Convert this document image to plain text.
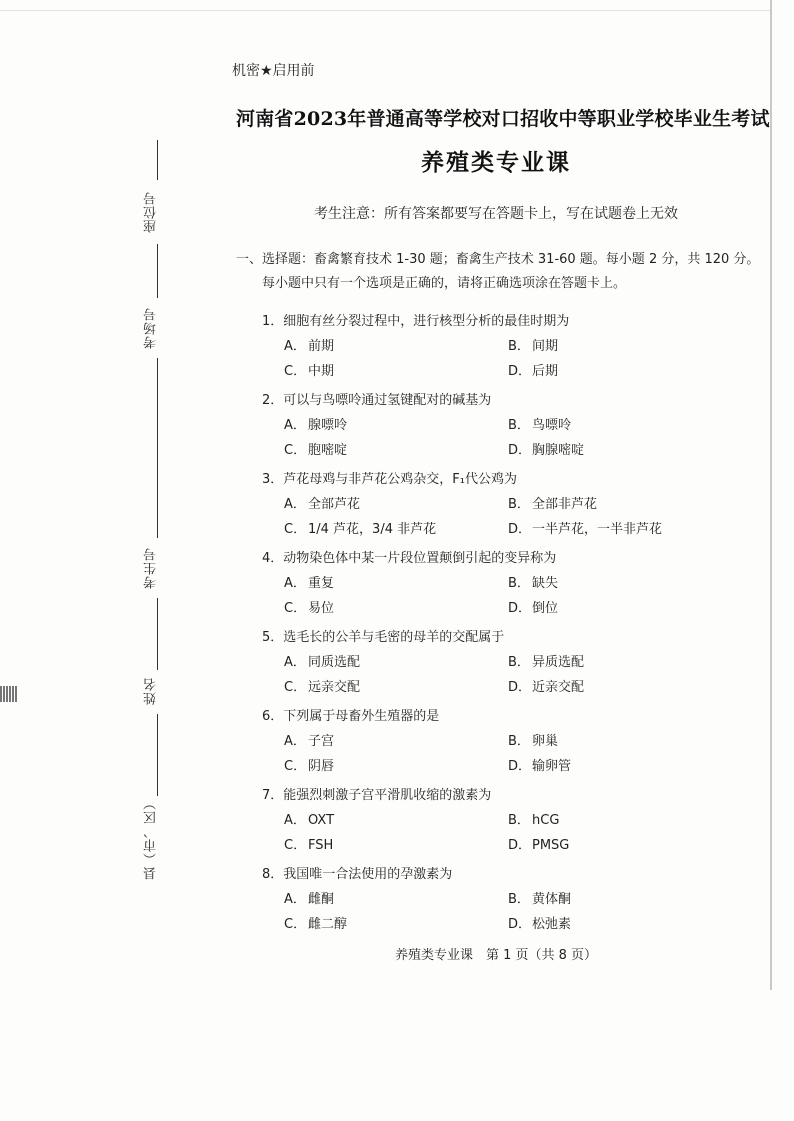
座位号
考场号
考生号
姓名
县（市、区）
机密★启用前
河南省2023年普通高等学校对口招收中等职业学校毕业生考试
养殖类专业课
考生注意：所有答案都要写在答题卡上，写在试题卷上无效
一、选择题：畜禽繁育技术 1-30 题；畜禽生产技术 31-60 题。每小题 2 分，共 120 分。
每小题中只有一个选项是正确的，请将正确选项涂在答题卡上。
1．细胞有丝分裂过程中，进行核型分析的最佳时期为
A． 前期	B． 间期
C． 中期	D．后期
2．可以与鸟嘌呤通过氢键配对的碱基为
A． 腺嘌呤	B． 鸟嘌呤
C． 胞嘧啶	D．胸腺嘧啶
3．芦花母鸡与非芦花公鸡杂交，F₁代公鸡为
A． 全部芦花	B． 全部非芦花
C． 1/4 芦花，3/4 非芦花	D．一半芦花，一半非芦花
4．动物染色体中某一片段位置颠倒引起的变异称为
A． 重复	B． 缺失
C． 易位	D．倒位
5．选毛长的公羊与毛密的母羊的交配属于
A． 同质选配	B． 异质选配
C． 远亲交配	D．近亲交配
6．下列属于母畜外生殖器的是
A． 子宫	B． 卵巢
C． 阴唇	D．输卵管
7．能强烈刺激子宫平滑肌收缩的激素为
A． OXT	B． hCG
C． FSH	D．PMSG
8．我国唯一合法使用的孕激素为
A． 雌酮	B． 黄体酮
C． 雌二醇	D．松弛素
养殖类专业课　第 1 页（共 8 页）
